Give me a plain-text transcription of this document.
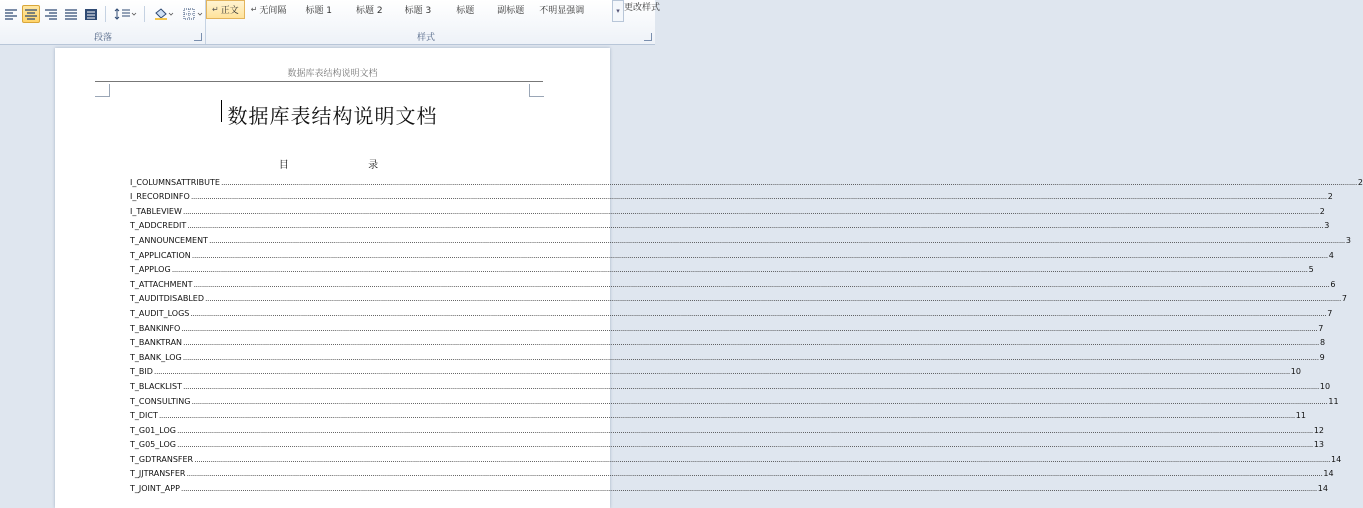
段落
↵ 正文 ↵ 无间隔 标题 1	标题 2 标题 3	标题	副标题 不明显强调	▾ 更改样式
样式
数据库表结构说明文档
数据库表结构说明文档
目 录
I_COLUMNSATTRIBUTE .....	2
I_RECORDINFO .....	2
I_TABLEVIEW .....	2
T_ADDCREDIT .....	3
T_ANNOUNCEMENT .....	3
T_APPLICATION .....	4
T_APPLOG .....	5
T_ATTACHMENT .....	6
T_AUDITDISABLED .....	7
T_AUDIT_LOGS .....	7
T_BANKINFO .....	7
T_BANKTRAN .....	8
T_BANK_LOG .....	9
T_BID .....	10
T_BLACKLIST .....	10
T_CONSULTING .....	11
T_DICT .....	11
T_G01_LOG .....	12
T_G05_LOG .....	13
T_GDTRANSFER .....	14
T_JJTRANSFER .....	14
T_JOINT_APP .....	14
